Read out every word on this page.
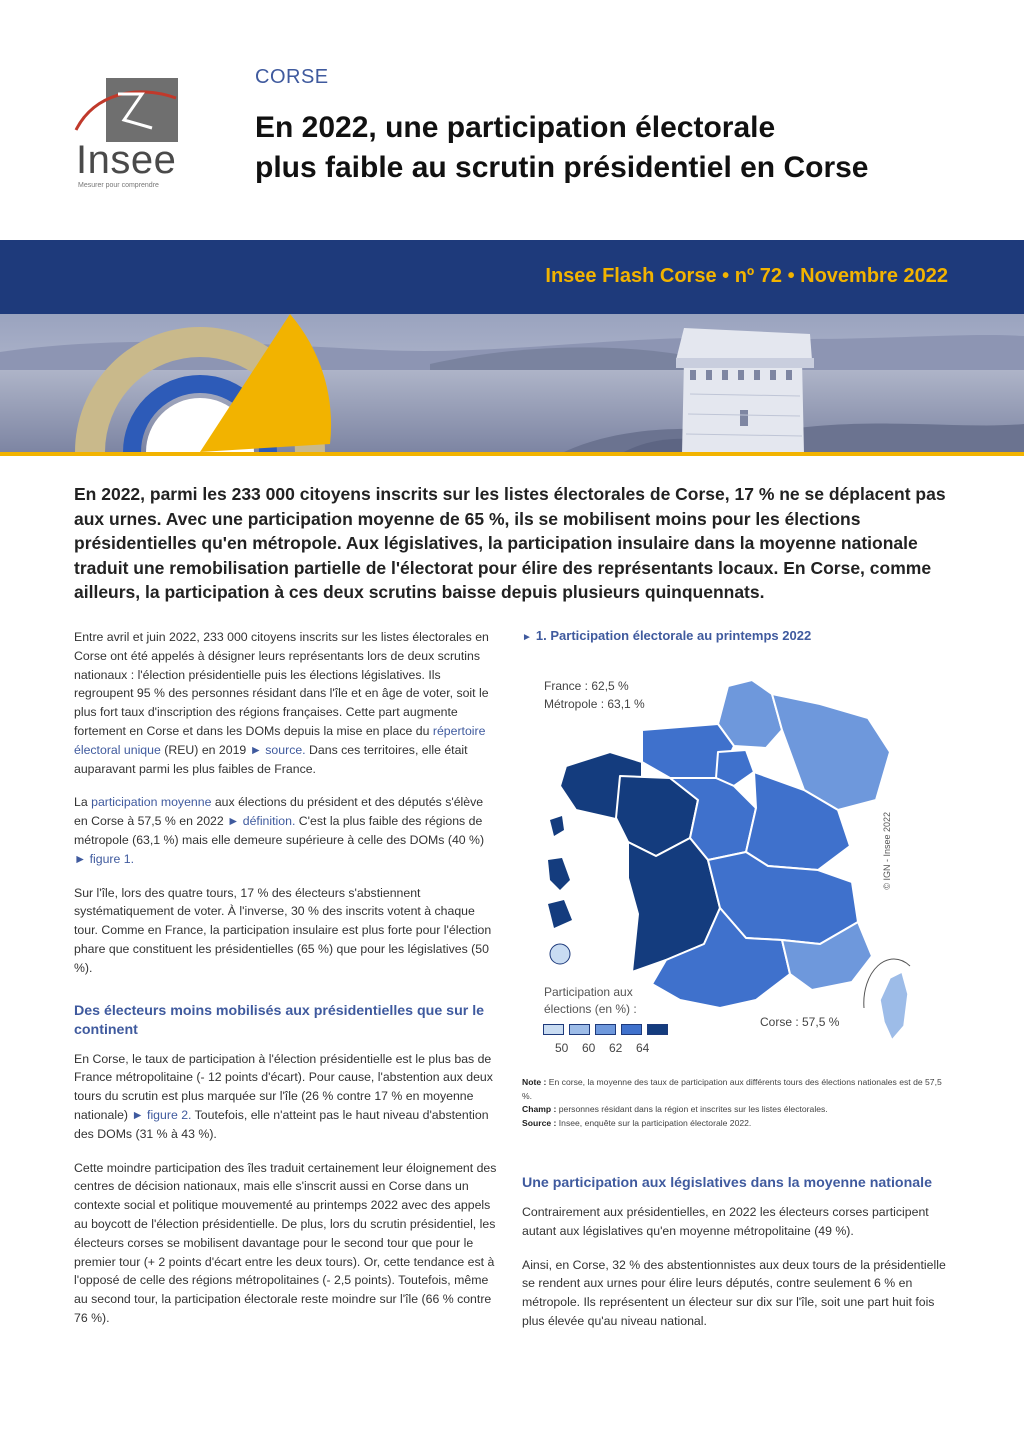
Insee
Mesurer pour comprendre
CORSE
En 2022, une participation électorale
plus faible au scrutin présidentiel en Corse
Insee Flash Corse • nº 72 • Novembre 2022
En 2022, parmi les 233 000 citoyens inscrits sur les listes électorales de Corse, 17 % ne se déplacent pas aux urnes. Avec une participation moyenne de 65 %, ils se mobilisent moins pour les élections présidentielles qu'en métropole. Aux législatives, la participation insulaire dans la moyenne nationale traduit une remobilisation partielle de l'électorat pour élire des représentants locaux. En Corse, comme ailleurs, la participation à ces deux scrutins baisse depuis plusieurs quinquennats.

Entre avril et juin 2022, 233 000 citoyens inscrits sur les listes électorales en Corse ont été appelés à désigner leurs représentants lors de deux scrutins nationaux : l'élection présidentielle puis les élections législatives. Ils regroupent 95 % des personnes résidant dans l'île et en âge de voter, soit le plus fort taux d'inscription des régions françaises. Cette part augmente fortement en Corse et dans les DOMs depuis la mise en place du répertoire électoral unique (REU) en 2019 ► source. Dans ces territoires, elle était auparavant parmi les plus faibles de France.

La participation moyenne aux élections du président et des députés s'élève en Corse à 57,5 % en 2022 ► définition. C'est la plus faible des régions de métropole (63,1 %) mais elle demeure supérieure à celle des DOMs (40 %) ► figure 1.

Sur l'île, lors des quatre tours, 17 % des électeurs s'abstiennent systématiquement de voter. À l'inverse, 30 % des inscrits votent à chaque tour. Comme en France, la participation insulaire est plus forte pour l'élection phare que constituent les présidentielles (65 %) que pour les législatives (50 %).

Des électeurs moins mobilisés aux présidentielles que sur le continent

En Corse, le taux de participation à l'élection présidentielle est le plus bas de France métropolitaine (- 12 points d'écart). Pour cause, l'abstention aux deux tours du scrutin est plus marquée sur l'île (26 % contre 17 % en moyenne nationale) ► figure 2. Toutefois, elle n'atteint pas le haut niveau d'abstention des DOMs (31 % à 43 %).

Cette moindre participation des îles traduit certainement leur éloignement des centres de décision nationaux, mais elle s'inscrit aussi en Corse dans un contexte social et politique mouvementé au printemps 2022 avec des appels au boycott de l'élection présidentielle. De plus, lors du scrutin présidentiel, les électeurs corses se mobilisent davantage pour le second tour que pour le premier tour (+ 2 points d'écart entre les deux tours). Or, cette tendance est à l'opposé de celle des régions métropolitaines (- 2,5 points). Toutefois, même au second tour, la participation électorale reste moindre sur l'île (66 % contre 76 %).

► 1. Participation électorale au printemps 2022
France : 62,5 %
Métropole : 63,1 %
© IGN - Insee 2022
Participation aux élections (en %) :
50 60 62 64
Corse : 57,5 %
Note : En corse, la moyenne des taux de participation aux différents tours des élections nationales est de 57,5 %.
Champ : personnes résidant dans la région et inscrites sur les listes électorales.
Source : Insee, enquête sur la participation électorale 2022.
Une participation aux législatives dans la moyenne nationale

Contrairement aux présidentielles, en 2022 les électeurs corses participent autant aux législatives qu'en moyenne métropolitaine (49 %).

Ainsi, en Corse, 32 % des abstentionnistes aux deux tours de la présidentielle se rendent aux urnes pour élire leurs députés, contre seulement 6 % en métropole. Ils représentent un électeur sur dix sur l'île, soit une part huit fois plus élevée qu'au niveau national.
